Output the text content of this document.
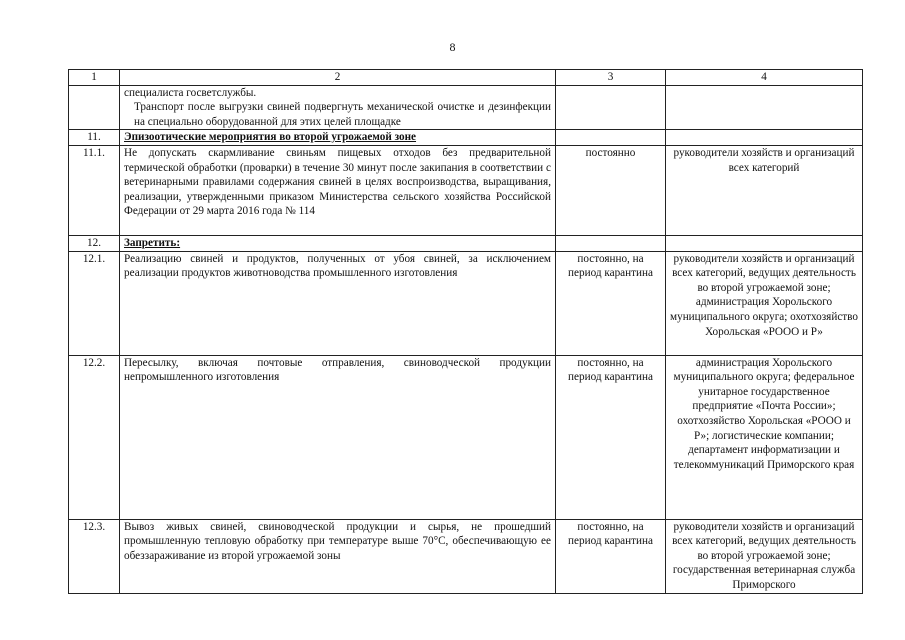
8
1	2	3	4

	специалиста госветслужбы.
Транспорт после выгрузки свиней подвергнуть механической очистке и дезинфекции на специально оборудованной для этих целей площадке		

11.	Эпизоотические мероприятия во второй угрожаемой зоне		
11.1.	Не допускать скармливание свиньям пищевых отходов без предварительной термической обработки (проварки) в течение 30 минут после закипания в соответствии с ветеринарными правилами содержания свиней в целях воспроизводства, выращивания, реализации, утвержденными приказом Министерства сельского хозяйства Российской Федерации от 29 марта 2016 года № 114	постоянно	руководители хозяйств и организаций всех категорий
12.	Запретить:		
12.1.	Реализацию свиней и продуктов, полученных от убоя свиней, за исключением реализации продуктов животноводства промышленного изготовления	постоянно, на период карантина	руководители хозяйств и организаций всех категорий, ведущих деятельность во второй угрожаемой зоне; администрация Хорольского муниципального округа; охотхозяйство Хорольская «РООО и Р»
12.2.	Пересылку, включая почтовые отправления, свиноводческой продукции непромышленного изготовления	постоянно, на период карантина	администрация Хорольского муниципального округа; федеральное унитарное государственное предприятие «Почта России»; охотхозяйство Хорольская «РООО и Р»; логистические компании; департамент информатизации и телекоммуникаций Приморского края
12.3.	Вывоз живых свиней, свиноводческой продукции и сырья, не прошедший промышленную тепловую обработку при температуре выше 70°С, обеспечивающую ее обеззараживание из второй угрожаемой зоны	постоянно, на период карантина	руководители хозяйств и организаций всех категорий, ведущих деятельность во второй угрожаемой зоне; государственная ветеринарная служба Приморского
